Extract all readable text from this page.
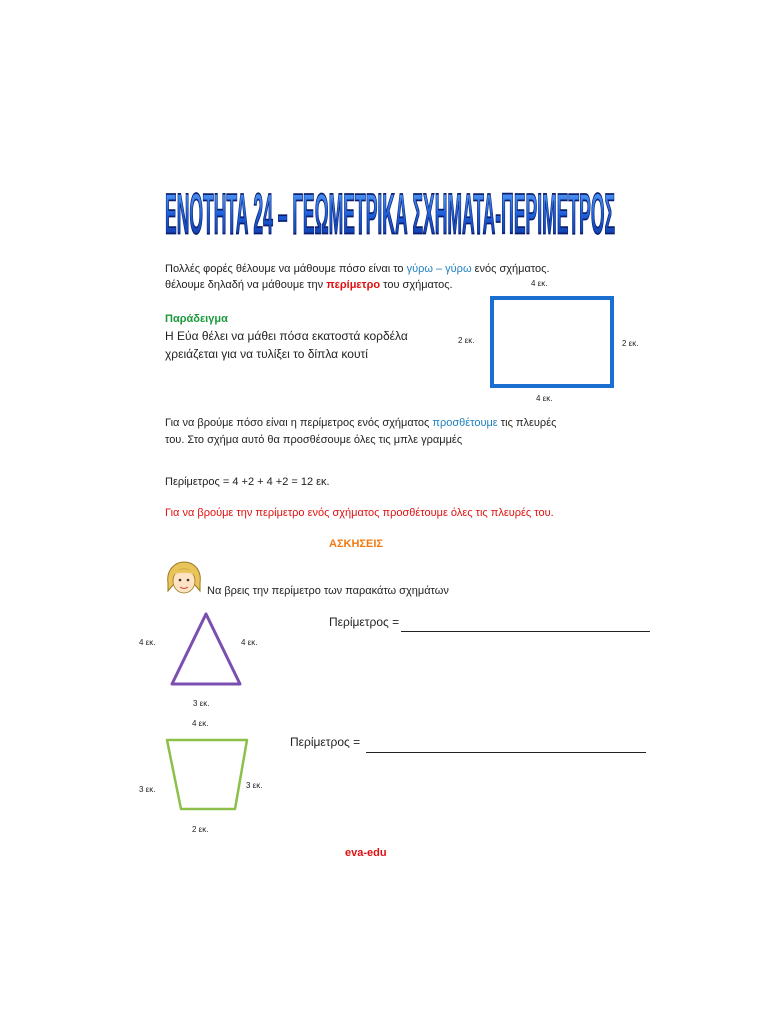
ΕΝΟΤΗΤΑ 24 – ΓΕΩΜΕΤΡΙΚΑ ΣΧΗΜΑΤΑ-ΠΕΡΙΜΕΤΡΟΣ
Πολλές φορές θέλουμε να μάθουμε πόσο είναι το γύρω – γύρω ενός σχήματος.
θέλουμε δηλαδή να μάθουμε την περίμετρο του σχήματος.
Παράδειγμα
Η Εύα θέλει να μάθει πόσα εκατοστά κορδέλα
χρειάζεται για να τυλίξει το δίπλα κουτί
4 εκ.
2 εκ.	2 εκ.
4 εκ.
Για να βρούμε πόσο είναι η περίμετρος ενός σχήματος προσθέτουμε τις πλευρές
του. Στο σχήμα αυτό θα προσθέσουμε όλες τις μπλε γραμμές
Περίμετρος = 4 +2 + 4 +2 = 12 εκ.
Για να βρούμε την περίμετρο ενός σχήματος προσθέτουμε όλες τις πλευρές του.
ΑΣΚΗΣΕΙΣ
Να βρεις την περίμετρο των παρακάτω σχημάτων
4 εκ.	4 εκ.
3 εκ.
Περίμετρος =
4 εκ.
3 εκ.	3 εκ.
2 εκ.
Περίμετρος =
eva-edu
